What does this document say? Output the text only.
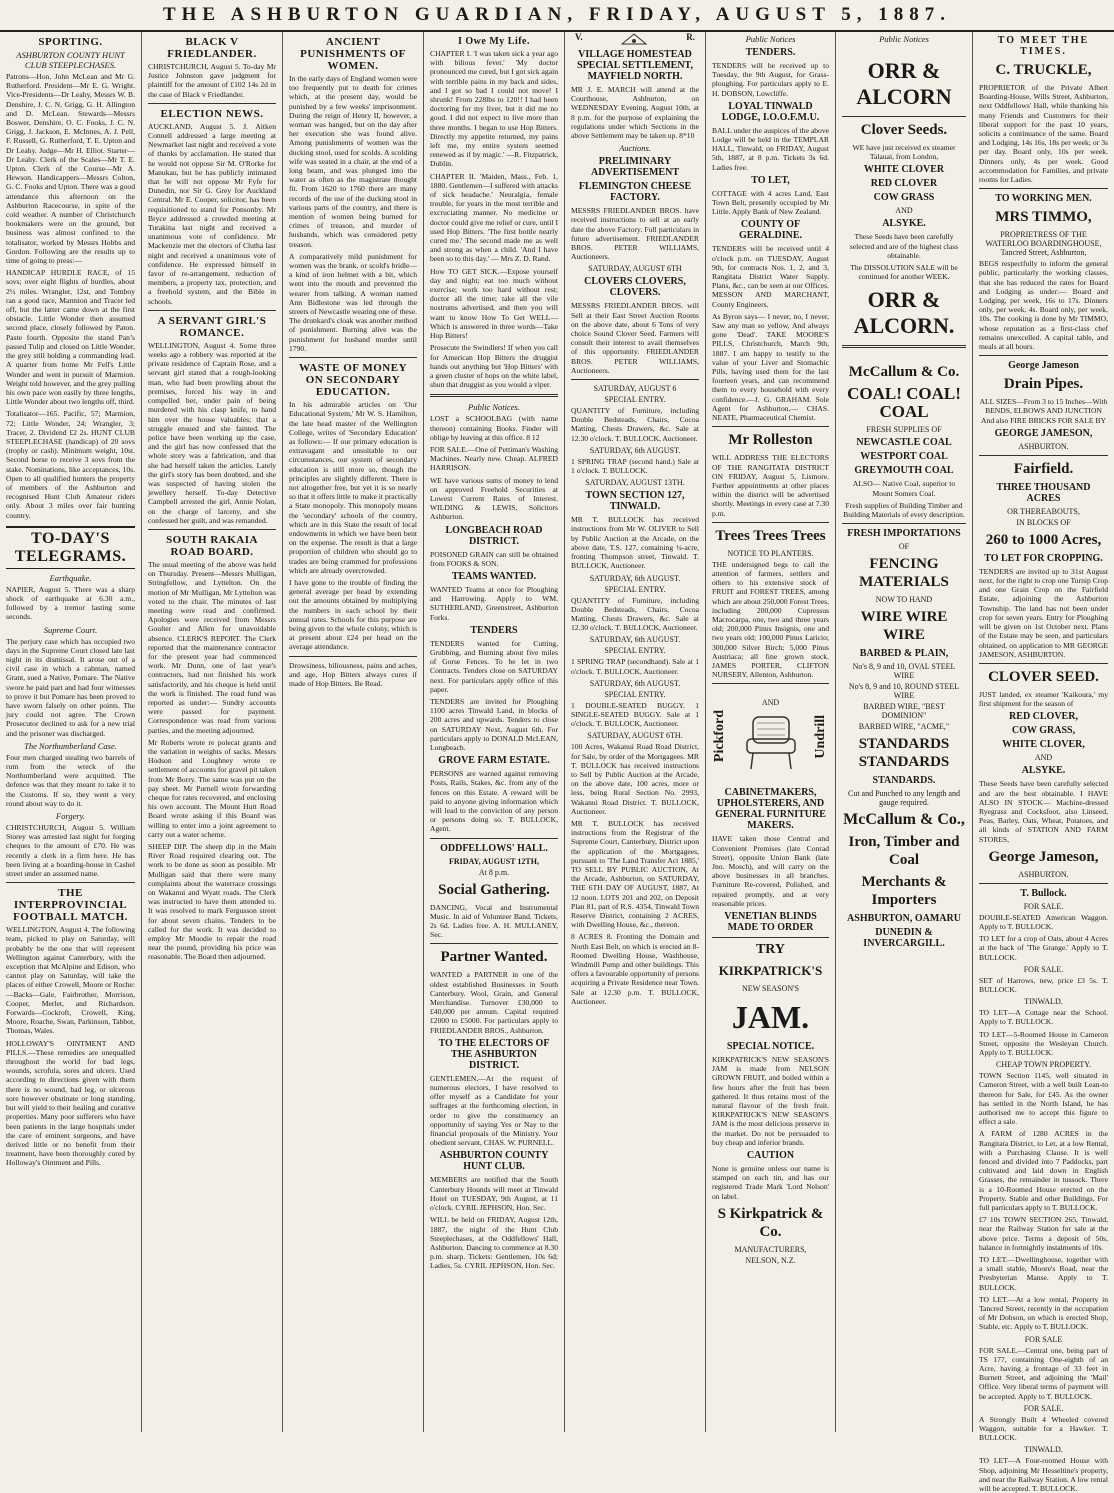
THE ASHBURTON GUARDIAN, FRIDAY, AUGUST 5, 1887.
SPORTING.
ASHBURTON COUNTY HUNT CLUB STEEPLECHASES.

Patrons—Hon. John McLean and Mr G. Rutherford. President—Mr E. G. Wright. Vice-Presidents—Dr Leahy, Messrs W. B. Denshire, J. C. N. Grigg, G. H. Allington and D. McLean. Stewards—Messrs Boswer, Denshire, O. C. Fooks, J. C. N. Grigg, J. Jackson, E. McInnes, A. J. Pell, F. Russell, G. Rutherford, T. E. Upton and Dr Leahy. Judge—Mr H. Elliot. Starter—Dr Leahy. Clerk of the Scales—Mr T. E. Upton. Clerk of the Course—Mr A. Hewson. Handicappers—Messrs Colton, G. C. Fooks and Upton. There was a good attendance this afternoon on the Ashburton Racecourse, in spite of the cold weather. A number of Christchurch bookmakers were on the ground, but business was almost confined to the totalisator, worked by Messrs Hobbs and Gordon. Following are the results up to time of going to press:—

HANDICAP HURDLE RACE, of 15 sovs; over eight flights of hurdles, about 2½ miles. Wrangler, 12st, and Tomboy ran a good race, Marmion and Tracer led off, but the latter came down at the first obstacle. Little Wonder then assumed second place, closely followed by Paton. Paste fourth. Opposite the stand Pan’s passed Tulip and closed on Little Wonder, the grey still holding a commanding lead. A quarter from home Mr Fell's Little Wonder and went in pursuit of Marmion. Weight told however, and the grey pulling his own pace won easily by three lengths, Little Wonder about two lengths off, third.

Totalisator—165. Pacific, 57; Marmion, 72; Little Wonder, 24; Wrangler, 3; Tracer, 2. Dividend £2 2s. HUNT CLUB STEEPLECHASE (handicap) of 20 sovs (trophy or cash). Minimum weight, 10st. Second horse to receive 3 sovs from the stake. Nominations, like acceptances, 10s. Open to all qualified hunters the property of members of the Ashburton and recognised Hunt Club Amateur riders only. About 3 miles over fair hunting country.

TO-DAY'S TELEGRAMS.
Earthquake.

NAPIER, August 5. There was a sharp shock of earthquake at 6.30 a.m., followed by a tremor lasting some seconds.

Supreme Court.

The perjury case which has occupied two days in the Supreme Court closed late last night in its dismissal. It arose out of a civil case in which a cabman, named Grant, sued a Native, Pomare. The Native swore he paid part and had four witnesses to prove it but Pomare has been proved to have sworn falsely on other points. The jury could not agree. The Crown Prosecutor declined to ask for a new trial and the prisoner was discharged.

The Northumberland Case.

Four men charged stealing two barrels of rum from the wreck of the Northumberland were acquitted. The defence was that they meant to take it to the Customs. If so, they went a very round about way to do it.

Forgery.

CHRISTCHURCH, August 5. William Storey was arrested last night for forging cheques to the amount of £70. He was recently a clerk in a firm here. He has been living at a boarding-house in Cashel street under an assumed name.

THE INTERPROVINCIAL FOOTBALL MATCH.

WELLINGTON, August 4. The following team, picked to play on Saturday, will probably be the one that will represent Wellington against Canterbury, with the exception that McAlpine and Edison, who cannot play on Saturday, will take the places of either Crowell, Moore or Roche:—Backs—Gale, Fairbrother, Morrison, Cooper, Merlet, and Richardson. Forwards—Cockroft, Crowell, King, Moore, Roache, Swan, Parkinson, Tabbot, Thomas, Wales.

HOLLOWAY'S OINTMENT AND PILLS.—These remedies are unequalled throughout the world for bad legs, wounds, scrofula, sores and ulcers. Used according to directions given with them there is no wound, bad leg, or ulcerous sore however obstinate or long standing, but will yield to their healing and curative properties. Many poor sufferers who have been patients in the large hospitals under the care of eminent surgeons, and have derived little or no benefit from their treatment, have been thoroughly cured by Holloway's Ointment and Pills.

BLACK V FRIEDLANDER.

CHRISTCHURCH, August 5. To-day Mr Justice Johnston gave judgment for plaintiff for the amount of £102 14s 2d in the case of Black v Friedlander.

ELECTION NEWS.

AUCKLAND, August 5. J. Aitken Connell addressed a large meeting at Newmarket last night and received a vote of thanks by acclamation. He stated that he would not oppose Sir M. O'Rorke for Manukau, but he has publicly intimated that he will not oppose Mr Fyfe for Dunedin, nor Sir G. Grey for Auckland Central. Mr E. Cooper, solicitor, has been requisitioned to stand for Ponsonby. Mr Bryce addressed a crowded meeting at Turakina last night and received a unanimous vote of confidence. Mr Mackenzie met the electors of Clutha last night and received a unanimous vote of confidence. He expressed himself in favor of re-arrangement, reduction of members, a property tax, protection, and a freehold system, and the Bible in schools.

A SERVANT GIRL'S ROMANCE.

WELLINGTON, August 4. Some three weeks ago a robbery was reported at the private residence of Captain Rose, and a servant girl stated that a rough-looking man, who had been prowling about the premises, forced his way in and compelled her, under pain of being murdered with his clasp knife, to hand him over the house valuables; that a struggle ensued and she fainted. The police have been working up the case, and the girl has now confessed that the whole story was a fabrication, and that she had herself taken the articles. Lately the girl's story has been doubted, and she was suspected of having stolen the jewellery herself. To-day Detective Campbell arrested the girl, Annie Nolan, on the charge of larceny, and she confessed her guilt, and was remanded.

SOUTH RAKAIA ROAD BOARD.

The usual meeting of the above was held on Thursday. Present—Messrs Mulligan, Stringfellow, and Lyttelton. On the motion of Mr Mulligan, Mr Lyttelton was voted to the chair. The minutes of last meeting were read and confirmed. Apologies were received from Messrs Goulter and Allen for unavoidable absence. CLERK'S REPORT. The Clerk reported that the maintenance contractor for the present year had commenced work. Mr Dunn, one of last year's contractors, had not finished his work satisfactorily, and his cheque is held until the work is finished. The road fund was reported as under:— Sundry accounts were passed for payment. Correspondence was read from various parties, and the meeting adjourned.

Mr Roberts wrote re polecat grants and the variation in weights of sacks. Messrs Hodson and Loughney wrote re settlement of accounts for gravel pit taken from Mr Borry. The same was put on the pay sheet. Mr Purnell wrote forwarding cheque for rates recovered, and enclosing his own account. The Mount Hutt Road Board wrote asking if this Board was willing to enter into a joint agreement to carry out a water scheme.

SHEEP DIP. The sheep dip in the Main River Road required clearing out. The work to be done as soon as possible. Mr Mulligan said that there were many complaints about the waterrace crossings on Wakanui and Wyatt roads. The Clerk was instructed to have them attended to. It was resolved to mark Fergusson street for about seven chains. Tenders to be called for the work. It was decided to employ Mr Moodie to repair the road near the pound, providing his price was reasonable. The Board then adjourned.

ANCIENT PUNISHMENTS OF WOMEN.

In the early days of England women were too frequently put to death for crimes which, at the present day, would be punished by a few weeks' imprisonment. During the reign of Henry II, however, a woman was hanged, but on the day after her execution she was found alive. Among punishments of women was the ducking stool, used for scolds. A scolding wife was seated in a chair, at the end of a long beam, and was plunged into the water as often as the magistrate thought fit. From 1620 to 1760 there are many records of the use of the ducking stool in various parts of the country, and there is mention of women being burned for crimes of treason, and murder of husbands, which was considered petty treason.

A comparatively mild punishment for women was the brank, or scold's bridle—a kind of iron helmet with a bit, which went into the mouth and prevented the wearer from talking. A woman named Ann Bidlestone was led through the streets of Newcastle wearing one of these. The drunkard's cloak was another method of punishment. Burning alive was the punishment for husband murder until 1790.

WASTE OF MONEY ON SECONDARY EDUCATION.

In his admirable articles on 'Our Educational System,' Mr W. S. Hamilton, the late head master of the Wellington College, writes of 'Secondary Education' as follows:— If our primary education is extravagant and unsuitable to our circumstances, our system of secondary education is still more so, though the principles are slightly different. There is not altogether free, but yet it is so nearly so that it offers little to make it practically a State monopoly. This monopoly means the 'secondary' schools of the country, which are in this State the result of local endowments in which we have been bent on the expense. The result is that a large proportion of children who should go to trades are being crammed for professions which are already overcrowded.

I have gone to the trouble of finding the general average per head by extending out the amounts obtained by multiplying the numbers in each school by their annual rates. Schools for this purpose are being given to the whole colony, which is at present about £24 per head on the average attendance.

Drowsiness, biliousness, pains and aches, and age, Hop Bitters always cures if made of Hop Bitters. Be Read.

I Owe My Life.

CHAPTER I. 'I was taken sick a year ago with bilious fever.' 'My doctor pronounced me cured, but I got sick again with terrible pains in my back and sides, and I got so bad I could not move! I shrunk! From 228lbs to 120!! I had been doctoring for my liver, but it did me no good. I did not expect to live more than three months. I began to use Hop Bitters. Directly my appetite returned, my pains left me, my entire system seemed renewed as if by magic.' —R. Fitzpatrick, Dublin.

CHAPTER II. 'Maiden, Mass., Feb. 1, 1880. Gentlemen—I suffered with attacks of sick headache.' Neuralgia, female trouble, for years in the most terrible and excruciating manner. No medicine or doctor could give me relief or cure, until I used Hop Bitters. 'The first bottle nearly cured me.' The second made me as well and strong as when a child. 'And I have been so to this day.' — Mrs Z. D. Rand.

How TO GET SICK.—Expose yourself day and night; eat too much without exercise; work too hard without rest; doctor all the time; take all the vile nostrums advertised, and then you will want to know How To Get WELL—Which is answered in three words—Take Hop Bitters!

Prosecute the Swindlers! If when you call for American Hop Bitters the druggist hands out anything but 'Hop Bitters' with a green cluster of hops on the white label, shun that druggist as you would a viper.

Public Notices.

LOST a SCHOOLBAG (with name thereon) containing Books. Finder will oblige by leaving at this office. 8 12

FOR SALE.—One of Pettiman's Washing Machines. Nearly new. Cheap. ALFRED HARRISON.

WE have various sums of money to lend on approved Freehold Securities at Lowest Current Rates of Interest. WILDING & LEWIS, Solicitors Ashburton.

LONGBEACH ROAD DISTRICT.

POISONED GRAIN can still be obtained from FOOKS & SON.

TEAMS WANTED.

WANTED Teams at once for Ploughing and Harrowing. Apply to WM. SUTHERLAND, Greenstreet, Ashburton Forks.

TENDERS

TENDERS wanted for Cutting, Grubbing, and Burning about five miles of Gorse Fences. To be let in two Contracts. Tenders close on SATURDAY next. For particulars apply office of this paper.

TENDERS are invited for Ploughing 1100 acres Tinwald Land, in blocks of 200 acres and upwards. Tenders to close on SATURDAY Next, August 6th. For particulars apply to DONALD McLEAN, Longbeach.

GROVE FARM ESTATE.

PERSONS are warned against removing Posts, Rails, Stakes, &c. from any of the fences on this Estate. A reward will be paid to anyone giving information which will lead to the conviction of any person or persons doing so. T. BULLOCK, Agent.

ODDFELLOWS' HALL.
FRIDAY, AUGUST 12TH,
At 8 p.m.
Social Gathering.

DANCING, Vocal and Instrumental Music. In aid of Volunteer Band. Tickets, 2s 6d. Ladies free. A. H. MULLANEY, Sec.

Partner Wanted.

WANTED a PARTNER in one of the oldest established Businesses in South Canterbury. Wool, Grain, and General Merchandise. Turnover £30,000 to £40,000 per annum. Capital required £2000 to £5000. For particulars apply to FRIEDLANDER BROS., Ashburton.

TO THE ELECTORS OF THE ASHBURTON DISTRICT.

GENTLEMEN,—At the request of numerous electors, I have resolved to offer myself as a Candidate for your suffrages at the forthcoming election, in order to give the constituency an opportunity of saying Yes or Nay to the financial proposals of the Ministry. Your obedient servant, CHAS. W. PURNELL.

ASHBURTON COUNTY HUNT CLUB.

MEMBERS are notified that the South Canterbury Hounds will meet at Tinwald Hotel on TUESDAY, 9th August, at 11 o'clock. CYRIL JEPHSON, Hon. Sec.

WILL be held on FRIDAY, August 12th, 1887, the night of the Hunt Club Steeplechases, at the Oddfellows' Hall, Ashburton. Dancing to commence at 8.30 p.m. sharp. Tickets: Gentlemen, 10s 6d; Ladies, 5s. CYRIL JEPHSON, Hon. Sec.

V.	R.
VILLAGE HOMESTEAD SPECIAL SETTLEMENT, MAYFIELD NORTH.

MR J. E. MARCH will attend at the Courthouse, Ashburton, on WEDNESDAY Evening, August 10th, at 8 p.m. for the purpose of explaining the regulations under which Sections in the above Settlement may be taken up. 8*10

Auctions.
PRELIMINARY ADVERTISEMENT
FLEMINGTON CHEESE FACTORY.

MESSRS FRIEDLANDER BROS. have received instructions to sell at an early date the above Factory. Full particulars in future advertisement. FRIEDLANDER BROS. PETER WILLIAMS, Auctioneers.

SATURDAY, AUGUST 6TH
CLOVERS CLOVERS, CLOVERS.

MESSRS FRIEDLANDER BROS. will Sell at their East Street Auction Rooms on the above date, about 6 Tons of very choice Sound Clover Seed. Farmers will consult their interest to avail themselves of this opportunity. FRIEDLANDER BROS. PETER WILLIAMS, Auctioneers.

SATURDAY, AUGUST 6
SPECIAL ENTRY.

QUANTITY of Furniture, including Double Bedsteads, Chairs, Cocoa Matting, Chests Drawers, &c. Sale at 12.30 o'clock. T. BULLOCK, Auctioneer.

SATURDAY, 6th AUGUST.

1 SPRING TRAP (second hand.) Sale at 1 o'clock. T. BULLOCK.

SATURDAY, AUGUST 13TH.
TOWN SECTION 127, TINWALD.

MR T. BULLOCK has received instructions from Mr W. OLIVER to Sell by Public Auction at the Arcade, on the above date, T.S. 127, containing ¼-acre, fronting Thompson street, Tinwald. T. BULLOCK, Auctioneer.

SATURDAY, 6th AUGUST.
SPECIAL ENTRY.

QUANTITY of Furniture, including Double Bedsteads, Chairs, Cocoa Matting, Chests Drawers, &c. Sale at 12.30 o'clock. T. BULLOCK, Auctioneer.

SATURDAY, 6th AUGUST.
SPECIAL ENTRY.

1 SPRING TRAP (secondhand). Sale at 1 o'clock. T. BULLOCK, Auctioneer.

SATURDAY, 6th AUGUST.
SPECIAL ENTRY.

1 DOUBLE-SEATED BUGGY. 1 SINGLE-SEATED BUGGY. Sale at 1 o'clock. T. BULLOCK, Auctioneer.

SATURDAY, AUGUST 6TH.

100 Acres, Wakanui Road Road District, for Sale, by order of the Mortgagees. MR T. BULLOCK has received instructions to Sell by Public Auction at the Arcade, on the above date, 100 acres, more or less, being Rural Section No. 2993, Wakanui Road District. T. BULLOCK, Auctioneer.

MR T. BULLOCK has received instructions from the Registrar of the Supreme Court, Canterbury, District upon the application of the Mortgagees, pursuant to 'The Land Transfer Act 1885,' TO SELL BY PUBLIC AUCTION, At the Arcade, Ashburton, on SATURDAY, THE 6TH DAY OF AUGUST, 1887, At 12 noon. LOTS 201 and 202, on Deposit Plan 81, part of R.S. 4354, Tinwald Town Reserve District, containing 2 ACRES, with Dwelling House, &c., thereon.

8 ACRES 8. Fronting the Domain and North East Belt, on which is erected an 8-Roomed Dwelling House, Washhouse, Windmill Pump and other buildings. This offers a favourable opportunity of persons acquiring a Private Residence near Town. Sale at 12.30 p.m. T. BULLOCK, Auctioneer.

Public Notices
TENDERS.

TENDERS will be received up to Tuesday, the 9th August, for Grass-ploughing. For particulars apply to E. H. DOBSON, Lowcliffe.

LOYAL TINWALD LODGE, I.O.O.F.M.U.

BALL under the auspices of the above Lodge will be held in the TEMPLAR HALL, Tinwald, on FRIDAY, August 5th, 1887, at 8 p.m. Tickets 3s 6d. Ladies free.

TO LET,

COTTAGE with 4 acres Land, East Town Belt, presently occupied by Mr Little. Apply Bank of New Zealand.

COUNTY OF GERALDINE.

TENDERS will be received until 4 o'clock p.m. on TUESDAY, August 9th, for contracts Nos. 1, 2, and 3, Rangitata District Water Supply. Plans, &c., can be seen at our Offices. MESSON AND MARCHANT, County Engineers.

As Byron says— I never, no, I never, Saw any man so yellow, And always gone 'Dead'. TAKE MOORE'S PILLS, Christchurch, March 9th, 1887. I am happy to testify to the value of your Liver and Stomachic Pills, having used them for the last fourteen years, and can recommend them to every household with every confidence.—J. G. GRAHAM. Sole Agent for Ashburton,— CHAS. NEATE, Pharmaceutical Chemist.

Mr Rolleston

WILL ADDRESS THE ELECTORS OF THE RANGITATA DISTRICT ON FRIDAY, August 5, Lismore. Further appointments at other places within the district will be advertised shortly. Meetings in every case at 7.30 p.m.

Trees Trees Trees
NOTICE TO PLANTERS.

THE undersigned begs to call the attention of farmers, settlers and others to his extensive stock of FRUIT and FOREST TREES, among which are about 250,000 Forest Trees, including 200,000 Cupressus Macrocarpa, one, two and three years old; 200,000 Pinus Insignis, one and two years old; 100,000 Pinus Laricio; 300,000 Silver Birch; 5,000 Pinus Austriaca; all fine grown stock. JAMES PORTER, CLIFTON NURSERY, Allenton, Ashburton.

Pickford
AND
Undrill
CABINETMAKERS, UPHOLSTERERS, AND GENERAL FURNITURE MAKERS.

HAVE taken those Central and Convenient Premises (late Conrad Street), opposite Union Bank (late Jno. Mosch), and will carry on the above businesses in all branches. Furniture Re-covered, Polished, and repaired promptly, and at very reasonable prices.

VENETIAN BLINDS MADE TO ORDER
TRY
KIRKPATRICK'S
NEW SEASON'S
JAM.
SPECIAL NOTICE.

KIRKPATRICK'S NEW SEASON'S JAM is made from NELSON GROWN FRUIT, and boiled within a few hours after the fruit has been gathered. It thus retains most of the natural flavour of the fresh fruit. KIRKPATRICK'S NEW SEASON'S JAM is the most delicious preserve in the market. Do not be persuaded to buy cheap and inferior brands.

CAUTION

None is genuine unless our name is stamped on each tin, and has our registered Trade Mark 'Lord Nelson' on label.

S Kirkpatrick & Co.
MANUFACTURERS,
NELSON, N.Z.
Public Notices
ORR & ALCORN
Clover Seeds.

WE have just received ex steamer Talauai, from London,

WHITE CLOVER
RED CLOVER
COW GRASS
AND
ALSYKE.

These Seeds have been carefully selected and are of the highest class obtainable.

The DISSOLUTION SALE will be continued for another WEEK.

ORR & ALCORN.
McCallum & Co.
COAL! COAL! COAL
FRESH SUPPLIES OF
NEWCASTLE COAL
WESTPORT COAL
GREYMOUTH COAL

ALSO— Native Coal, superior to Mount Somers Coal.

Fresh supplies of Building Timber and Building Materials of every description.

FRESH IMPORTATIONS
OF
FENCING MATERIALS
NOW TO HAND
WIRE WIRE WIRE
BARBED & PLAIN,
No's 8, 9 and 10, OVAL STEEL WIRE
No's 8, 9 and 10, ROUND STEEL WIRE
BARBED WIRE, "BEST DOMINION"
BARBED WIRE, "ACME,"
STANDARDS STANDARDS
STANDARDS.
Cut and Punched to any length and gauge required.
McCallum & Co.,
Iron, Timber and Coal
Merchants & Importers
ASHBURTON, OAMARU
DUNEDIN & INVERCARGILL.
TO MEET THE TIMES.
C. TRUCKLE,

PROPRIETOR of the Private Albert Boarding-House, Wills Street, Ashburton, next Oddfellows' Hall, while thanking his many Friends and Customers for their liberal support for the past 10 years, solicits a continuance of the same. Board and Lodging, 14s 16s, 18s per week; or 3s per day. Board only, 10s per week. Dinners only, 4s per week. Good accommodation for Families, and private rooms for Ladies.

TO WORKING MEN.
MRS TIMMO,
PROPRIETRESS OF THE WATERLOO BOARDINGHOUSE, Tancred Street, Ashburton,

BEGS respectfully to inform the general public, particularly the working classes, that she has reduced the rates for Board and Lodging as under:— Board and Lodging, per week, 16s to 17s. Dinners only, per week, 4s. Board only, per week, 10s. The cooking is done by Mr TIMMO, whose reputation as a first-class chef remains unexcelled. A capital table, and meals at all hours.

George Jameson
Drain Pipes.

ALL SIZES—From 3 to 15 Inches—With BENDS, ELBOWS AND JUNCTION And also FIRE BRICKS FOR SALE BY

GEORGE JAMESON,
ASHBURTON.
Fairfield.
THREE THOUSAND ACRES
OR THEREABOUTS,
IN BLOCKS OF
260 to 1000 Acres,
TO LET FOR CROPPING.

TENDERS are invited up to 31st August next, for the right to crop one Turnip Crop and one Grain Crop on the Fairfield Estate, adjoining the Ashburton Township. The land has not been under crop for seven years. Entry for Ploughing will be given on 1st October next. Plans of the Estate may be seen, and particulars obtained, on application to MR GEORGE JAMESON, ASHBURTON.

CLOVER SEED.

JUST landed, ex steamer 'Kaikoura,' my first shipment for the season of

RED CLOVER,
COW GRASS,
WHITE CLOVER,
AND
ALSYKE.

These Seeds have been carefully selected and are the best obtainable. I HAVE ALSO IN STOCK— Machine-dressed Ryegrass and Cocksfoot, also Linseed, Peas, Barley, Oats, Wheat, Potatoes, and all kinds of STATION AND FARM STORES,

George Jameson,
ASHBURTON.
T. Bullock.
FOR SALE.

DOUBLE-SEATED American Waggon. Apply to T. BULLOCK.

TO LET for a crop of Oats, about 4 Acres at the back of 'The Grange.' Apply to T. BULLOCK.

FOR SALE.

SET of Harrows, new, price £3 5s. T. BULLOCK.

TINWALD.

TO LET—A Cottage near the School. Apply to T. BULLOCK.

TO LET—5-Roomed House in Cameron Street, opposite the Wesleyan Church. Apply to T. BULLOCK.

CHEAP TOWN PROPERTY.

TOWN Section 1145, well situated in Cameron Street, with a well built Lean-to thereon for Sale, for £45. As the owner has settled in the North Island, he has authorised me to accept this figure to effect a sale.

A FARM of 1280 ACRES in the Rangitata District, to Let, at a low Rental, with a Purchasing Clause. It is well fenced and divided into 7 Paddocks, part cultivated and laid down in English Grasses, the remainder in tussock. There is a 10-Roomed House erected on the Property. Stable and other Buildings. For full particulars apply to T. BULLOCK.

£7 10s TOWN SECTION 265, Tinwald, near the Railway Station for sale at the above price. Terms a deposit of 50s, balance in fortnightly instalments of 10s.

TO LET.—Dwellinghouse, together with a small stable, Moore's Road, near the Presbyterian Manse. Apply to T. BULLOCK.

TO LET.—At a low rental, Property in Tancred Street, recently in the occupation of Mr Dobson, on which is erected Shop, Stable, etc. Apply to T. BULLOCK.

FOR SALE

FOR SALE.—Central one, being part of TS 177, containing One-eighth of an Acre, having a frontage of 33 feet in Burnett Street, and adjoining the 'Mail' Office. Very liberal terms of payment will be accepted. Apply to T. BULLOCK.

FOR SALE.

A Strongly Built 4 Wheeled covered Waggon, suitable for a Hawker. T. BULLOCK.

TINWALD.

TO LET—A Four-roomed House with Shop, adjoining Mr Hesseltine's property, and near the Railway Station. A low rental will be accepted. T. BULLOCK.
